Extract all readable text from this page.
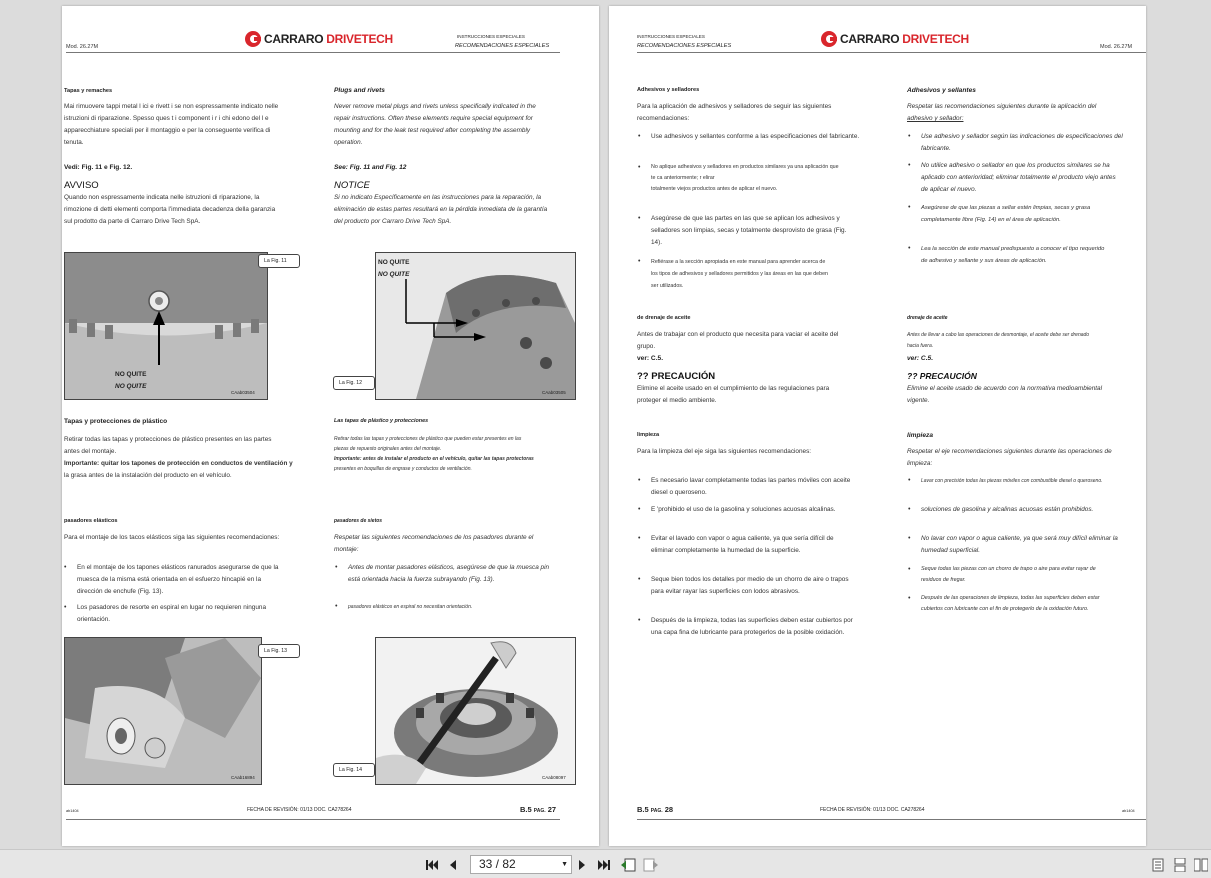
Mod. 26.27M
CARRARO DRIVETECH	INSTRUCCIONES ESPECIALES
RECOMENDACIONES ESPECIALES
Tapas y remaches
Mai rimuovere tappi metal l ici e rivett i se non espressamente indicato nelle
istruzioni di riparazione. Spesso ques t i component i r i chi edono del l e
apparecchiature speciali per il montaggio e per la conseguente verifica di
tenuta.
Vedi: Fig. 11 e Fig. 12.
AVVISO
Quando non espressamente indicata nelle istruzioni di riparazione, la
rimozione di detti elementi comporta l'immediata decadenza della garanzia
sul prodotto da parte di Carraro Drive Tech SpA.
Tapas y protecciones de plástico
Retirar todas las tapas y protecciones de plástico presentes en las partes
antes del montaje.
Importante: quitar los tapones de protección en conductos de ventilación y
la grasa antes de la instalación del producto en el vehículo.
pasadores elásticos
Para el montaje de los tacos elásticos siga las siguientes recomendaciones:
• En el montaje de los tapones elásticos ranurados asegurarse de que la
muesca de la misma está orientada en el esfuerzo hincapié en la
dirección de enchufe (Fig. 13).
• Los pasadores de resorte en espiral en lugar no requieren ninguna
orientación.
Plugs and rivets
Never remove metal plugs and rivets unless specifically indicated in the
repair instructions. Often these elements require special equipment for
mounting and for the leak test required after completing the assembly
operation.
See: Fig. 11 and Fig. 12
NOTICE
Si no indicato Específicamente en las instrucciones para la reparación, la
eliminación de estas partes resultará en la pérdida inmediata de la garantía
del producto por Carraro Drive Tech SpA.
Las tapas de plástico y protecciones
Retirar todas las tapas y protecciones de plástico que pueden estar presentes en las
piezas de repuesto originales antes del montaje.
Importante: antes de instalar el producto en el vehículo, quitar las tapas protectoras
presentes en boquillas de engrase y conductos de ventilación.
pasadores de sietos
Respetar las siguientes recomendaciones de los pasadores durante el
montaje:
• Antes de montar pasadores elásticos, asegúrese de que la muesca pin
está orientada hacia la fuerza subrayando (Fig. 13).
• pasadores elásticos en espiral no necesitan orientación.
NO QUITE
NO QUITE
CAab03504
La Fig. 11	NO QUITE
NO QUITE
CAab03505
La Fig. 12
CAab16894
La Fig. 13
CAab08097
La Fig. 14
ab1404	FECHA DE REVISIÓN: 01/13 DOC. CA278264	B.5 PAG. 27
INSTRUCCIONES ESPECIALES
RECOMENDACIONES ESPECIALES	CARRARO DRIVETECH
Mod. 26.27M
Adhesivos y selladores
Para la aplicación de adhesivos y selladores de seguir las siguientes
recomendaciones:
• Use adhesivos y sellantes conforme a las especificaciones del fabricante.
• No aplique adhesivos y selladores en productos similares ya una aplicación que
te ca anteriormente; r elirar
totalmente viejos productos antes de aplicar el nuevo.
• Asegúrese de que las partes en las que se aplican los adhesivos y
selladores son limpias, secas y totalmente desprovisto de grasa (Fig.
14).
• Refiérase a la sección apropiada en este manual para aprender acerca de
los tipos de adhesivos y selladores permitidos y las áreas en las que deben
ser utilizados.
de drenaje de aceite
Antes de trabajar con el producto que necesita para vaciar el aceite del
grupo.
ver: C.5.
?? PRECAUCIÓN
Elimine el aceite usado en el cumplimiento de las regulaciones para
proteger el medio ambiente.
limpieza
Para la limpieza del eje siga las siguientes recomendaciones:
• Es necesario lavar completamente todas las partes móviles con aceite
diesel o queroseno.
• E 'prohibido el uso de la gasolina y soluciones acuosas alcalinas.
• Evitar el lavado con vapor o agua caliente, ya que sería difícil de
eliminar completamente la humedad de la superficie.
• Seque bien todos los detalles por medio de un chorro de aire o trapos
para evitar rayar las superficies con lodos abrasivos.
• Después de la limpieza, todas las superficies deben estar cubiertos por
una capa fina de lubricante para protegerlos de la posible oxidación.
Adhesivos y sellantes
Respetar las recomendaciones siguientes durante la aplicación del
adhesivo y sellador:
• Use adhesivo y sellador según las indicaciones de especificaciones del
fabricante.
• No utilice adhesivo o sellador en que los productos similares se ha
aplicado con anterioridad; eliminar totalmente el producto viejo antes
de aplicar el nuevo.
• Asegúrese de que las piezas a sellar estén limpias, secas y grasa
completamente libre (Fig. 14) en el área de aplicación.
• Lea la sección de este manual predispuesto a conocer el tipo requerido
de adhesivo y sellante y sus áreas de aplicación.
drenaje de aceite
Antes de llevar a cabo las operaciones de desmontaje, el aceite debe ser drenado
hacia fuera.
ver: C.5.
?? PRECAUCIÓN
Elimine el aceite usado de acuerdo con la normativa medioambiental
vigente.
limpieza
Respetar el eje recomendaciones siguientes durante las operaciones de
limpieza:
• Lavar con precisión todas las piezas móviles con combustible diesel o queroseno.
• soluciones de gasolina y alcalinas acuosas están prohibidos.
• No lavar con vapor o agua caliente, ya que será muy difícil eliminar la
humedad superficial.
• Seque todas las piezas con un chorro de trapo o aire para evitar rayar de
residuos de fregar.
• Después de las operaciones de limpieza, todas las superficies deben estar
cubiertos con lubricante con el fin de protegerlo de la oxidación futuro.
B.5 PAG. 28	FECHA DE REVISIÓN: 01/13 DOC. CA278264	ab1404
33 / 82	▼
